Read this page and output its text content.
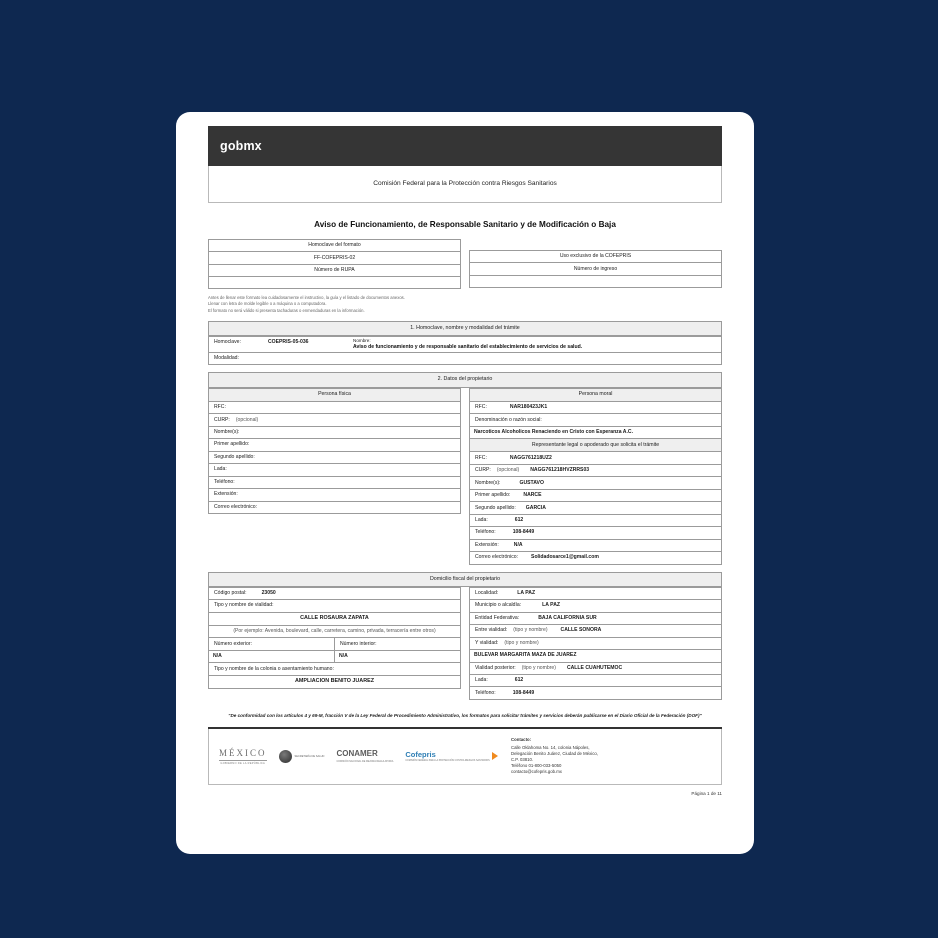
gobmx
Comisión Federal para la Protección contra Riesgos Sanitarios
Aviso de Funcionamiento, de Responsable Sanitario y de Modificación o Baja
Homoclave del formato
FF-COFEPRIS-02
Número de RUPA

Uso exclusivo de la COFEPRIS
Número de ingreso

Antes de llenar este formato lea cuidadosamente el instructivo, la guía y el listado de documentos anexos.
Llenar con letra de molde legible o a máquina o a computadora.
El formato no será válido si presenta tachaduras o enmendaduras en la información.
1. Homoclave, nombre y modalidad del trámite
Homoclave:	COEPRIS-05-036	Nombre:
Aviso de funcionamiento y de responsable sanitario del establecimiento de servicios de salud.
Modalidad:

2. Datos del propietario
Persona física
RFC:

CURP:	(opcional)

Nombre(s):

Primer apellido:

Segundo apellido:

Lada:

Teléfono:

Extensión:

Correo electrónico:

Persona moral
RFC:	NAR180423JK1
Denominación o razón social:

Narcoticos Alcoholicos Renaciendo en Cristo con Esperanza A.C.
Representante legal o apoderado que solicita el trámite
RFC:	NAGG761218UZ2
CURP:	(opcional)	NAGG761218HVZRRS03
Nombre(s):	GUSTAVO
Primer apellido:	NARCE
Segundo apellido:	GARCIA
Lada:	612
Teléfono:	108-8449
Extensión:	N/A
Correo electrónico:	Solidadosarce1@gmail.com
Domicilio fiscal del propietario
Código postal:	23050
Tipo y nombre de vialidad:

CALLE ROSAURA ZAPATA
(Por ejemplo: Avenida, boulevard, calle, carretera, camino, privada, terracería entre otros)
Número exterior:	Número interior:
N/A	N/A
Tipo y nombre de la colonia o asentamiento humano:
AMPLIACION BENITO JUAREZ
Localidad:	LA PAZ
Municipio o alcaldía:	LA PAZ
Entidad Federativa:	BAJA CALIFORNIA SUR
Entre vialidad:	(tipo y nombre)	CALLE SONORA
Y vialidad:	(tipo y nombre)

BULEVAR MARGARITA MAZA DE JUAREZ
Vialidad posterior:	(tipo y nombre)	CALLE CUAHUTEMOC
Lada:	612
Teléfono:	108-8449
"De conformidad con los artículos 4 y 69-M, fracción V de la Ley Federal de Procedimiento Administrativo, los formatos para solicitar trámites y servicios deberán publicarse en el Diario Oficial de la Federación (DOF)"
MÉXICO
GOBIERNO DE LA REPÚBLICA
SECRETARÍA DE SALUD CONAMER
COMISIÓN NACIONAL DE MEJORA REGULATORIA
Cofepris
COMISIÓN FEDERAL PARA LA PROTECCIÓN CONTRA RIESGOS SANITARIOS
Contacto:
Calle Oklahoma No. 14, colonia Nápoles,
Delegación Benito Juárez, Ciudad de México,
C.P. 03810.
Teléfono 01-800-033-5050
contacto@cofepris.gob.mx
Página 1 de 11
